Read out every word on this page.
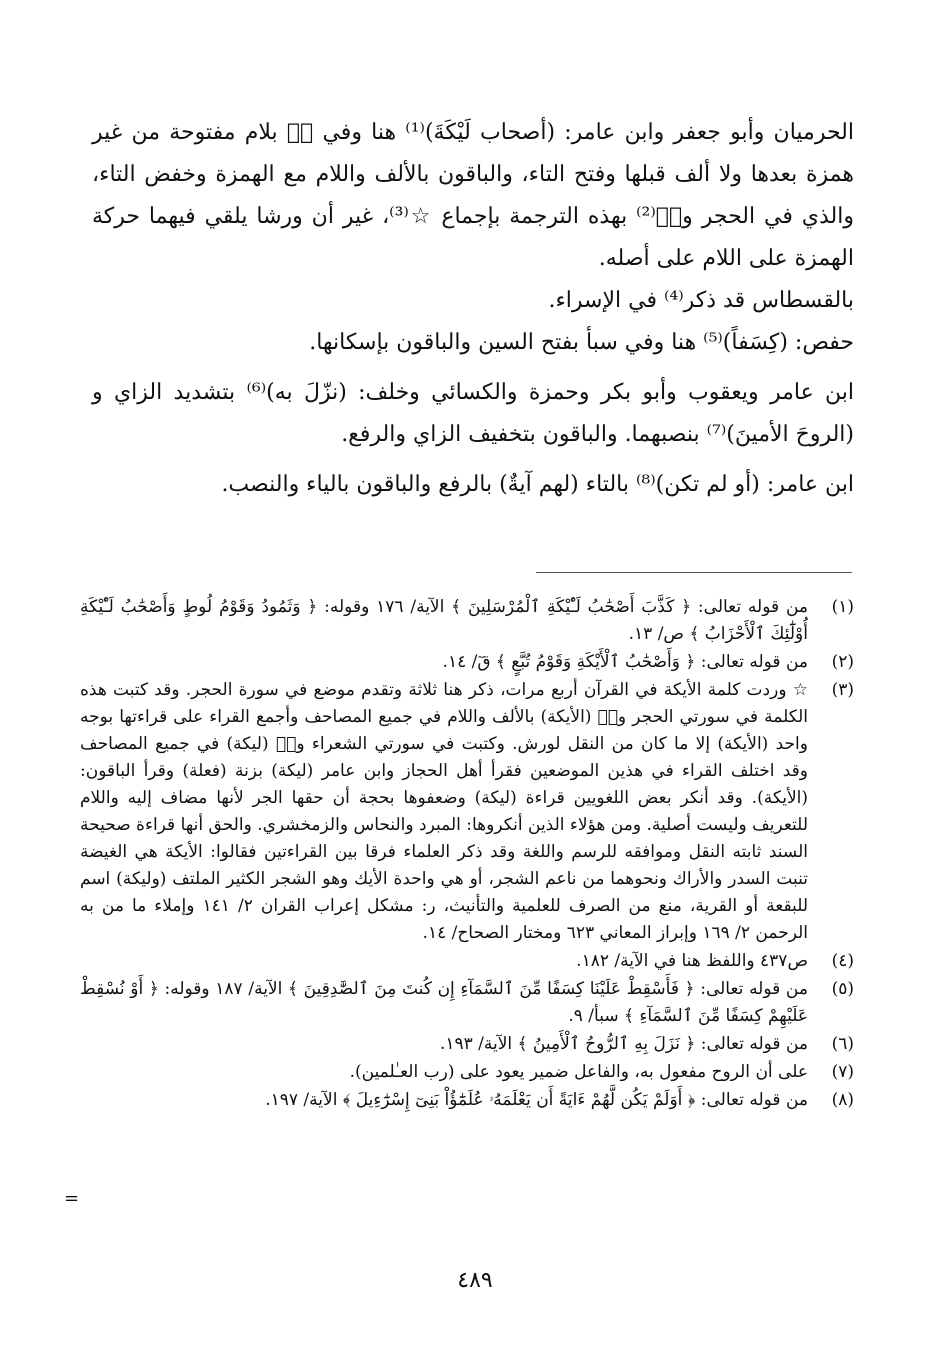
الحرميان وأبو جعفر وابن عامر: (أصحاب لَيْكَةَ)⁽¹⁾ هنا وفي صۤ بلام مفتوحة من غير همزة بعدها ولا ألف قبلها وفتح التاء، والباقون بالألف واللام مع الهمزة وخفض التاء، والذي في الحجر وقۤ⁽²⁾ بهذه الترجمة بإجماع ☆⁽³⁾، غير أن ورشا يلقي فيهما حركة الهمزة على اللام على أصله.

بالقسطاس قد ذكر⁽⁴⁾ في الإسراء.

حفص: (كِسَفاً)⁽⁵⁾ هنا وفي سبأ بفتح السين والباقون بإسكانها.

ابن عامر ويعقوب وأبو بكر وحمزة والكسائي وخلف: (نزّلَ به)⁽⁶⁾ بتشديد الزاي و (الروحَ الأمينَ)⁽⁷⁾ بنصبهما. والباقون بتخفيف الزاي والرفع.

ابن عامر: (أو لم تكن)⁽⁸⁾ بالتاء (لهم آيةٌ) بالرفع والباقون بالياء والنصب.

(١)
من قوله تعالى: ﴿ كَذَّبَ أَصْحَٰبُ لَـْٔيْكَةِ ٱلْمُرْسَلِينَ ﴾ الآية/ ١٧٦ وقوله: ﴿ وَثَمُودُ وَقَوْمُ لُوطٍ وَأَصْحَٰبُ لَـْٔيْكَةِ أُوْلَٰٓئِكَ ٱلْأَحْزَابُ ﴾ ص/ ١٣.
(٢)
من قوله تعالى: ﴿ وَأَصْحَٰبُ ٱلْأَيْكَةِ وَقَوْمُ تُبَّعٍ ﴾ قٓ/ ١٤.
(٣)
☆ وردت كلمة الأيكة في القرآن أربع مرات، ذكر هنا ثلاثة وتقدم موضع في سورة الحجر. وقد كتبت هذه الكلمة في سورتي الحجر وقۤ (الأيكة) بالألف واللام في جميع المصاحف وأجمع القراء على قراءتها بوجه واحد (الأيكة) إلا ما كان من النقل لورش. وكتبت في سورتي الشعراء وصۤ (ليكة) في جميع المصاحف وقد اختلف القراء في هذين الموضعين فقرأ أهل الحجاز وابن عامر (ليكة) بزنة (فعلة) وقرأ الباقون: (الأيكة). وقد أنكر بعض اللغويين قراءة (ليكة) وضعفوها بحجة أن حقها الجر لأنها مضاف إليه واللام للتعريف وليست أصلية. ومن هؤلاء الذين أنكروها: المبرد والنحاس والزمخشري. والحق أنها قراءة صحيحة السند ثابته النقل وموافقه للرسم واللغة وقد ذكر العلماء فرقا بين القراءتين فقالوا: الأيكة هي الغيضة تنبت السدر والأراك ونحوهما من ناعم الشجر، أو هي واحدة الأيك وهو الشجر الكثير الملتف (وليكة) اسم للبقعة أو القرية، منع من الصرف للعلمية والتأنيث، ر: مشكل إعراب القران ٢/ ١٤١ وإملاء ما من به الرحمن ٢/ ١٦٩ وإبراز المعاني ٦٢٣ ومختار الصحاح/ ١٤.
(٤)
ص٤٣٧ واللفظ هنا في الآية/ ١٨٢.
(٥)
من قوله تعالى: ﴿ فَأَسْقِطْ عَلَيْنَا كِسَفًا مِّنَ ٱلسَّمَآءِ إِن كُنتَ مِنَ ٱلصَّٰدِقِينَ ﴾ الآية/ ١٨٧ وقوله: ﴿ أَوْ نُسْقِطْ عَلَيْهِمْ كِسَفًا مِّنَ ٱلسَّمَآءِ ﴾ سبأ/ ٩.
(٦)
من قوله تعالى: ﴿ نَزَلَ بِهِ ٱلرُّوحُ ٱلْأَمِينُ ﴾ الآية/ ١٩٣.
(٧)
على أن الروح مفعول به، والفاعل ضمير يعود على (رب العـٰلمين).
(٨)
من قوله تعالى: ﴿ أَوَلَمْ يَكُن لَّهُمْ ءَايَةً أَن يَعْلَمَهُۥ عُلَمَٰٓؤُاْ بَنِىٓ إِسْرَٰٓءِيلَ ﴾ الآية/ ١٩٧.
=
٤٨٩
